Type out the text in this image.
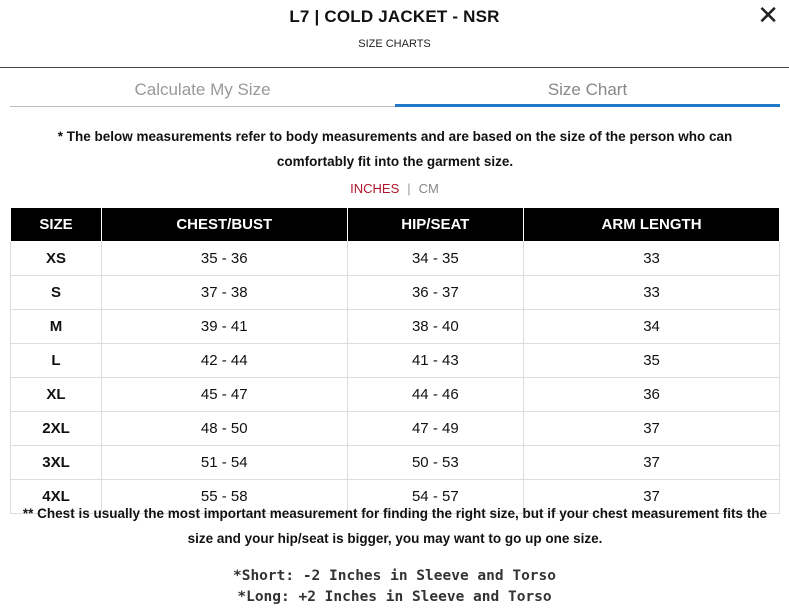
L7 | COLD JACKET - NSR
SIZE CHARTS
✕
Calculate My Size	Size Chart
* The below measurements refer to body measurements and are based on the size of the person who can comfortably fit into the garment size.
INCHES | CM
SIZE	CHEST/BUST	HIP/SEAT	ARM LENGTH
XS	35 - 36	34 - 35	33
S	37 - 38	36 - 37	33
M	39 - 41	38 - 40	34
L	42 - 44	41 - 43	35
XL	45 - 47	44 - 46	36
2XL	48 - 50	47 - 49	37
3XL	51 - 54	50 - 53	37
4XL	55 - 58	54 - 57	37
** Chest is usually the most important measurement for finding the right size, but if your chest measurement fits the size and your hip/seat is bigger, you may want to go up one size.
*Short: -2 Inches in Sleeve and Torso
*Long: +2 Inches in Sleeve and Torso
